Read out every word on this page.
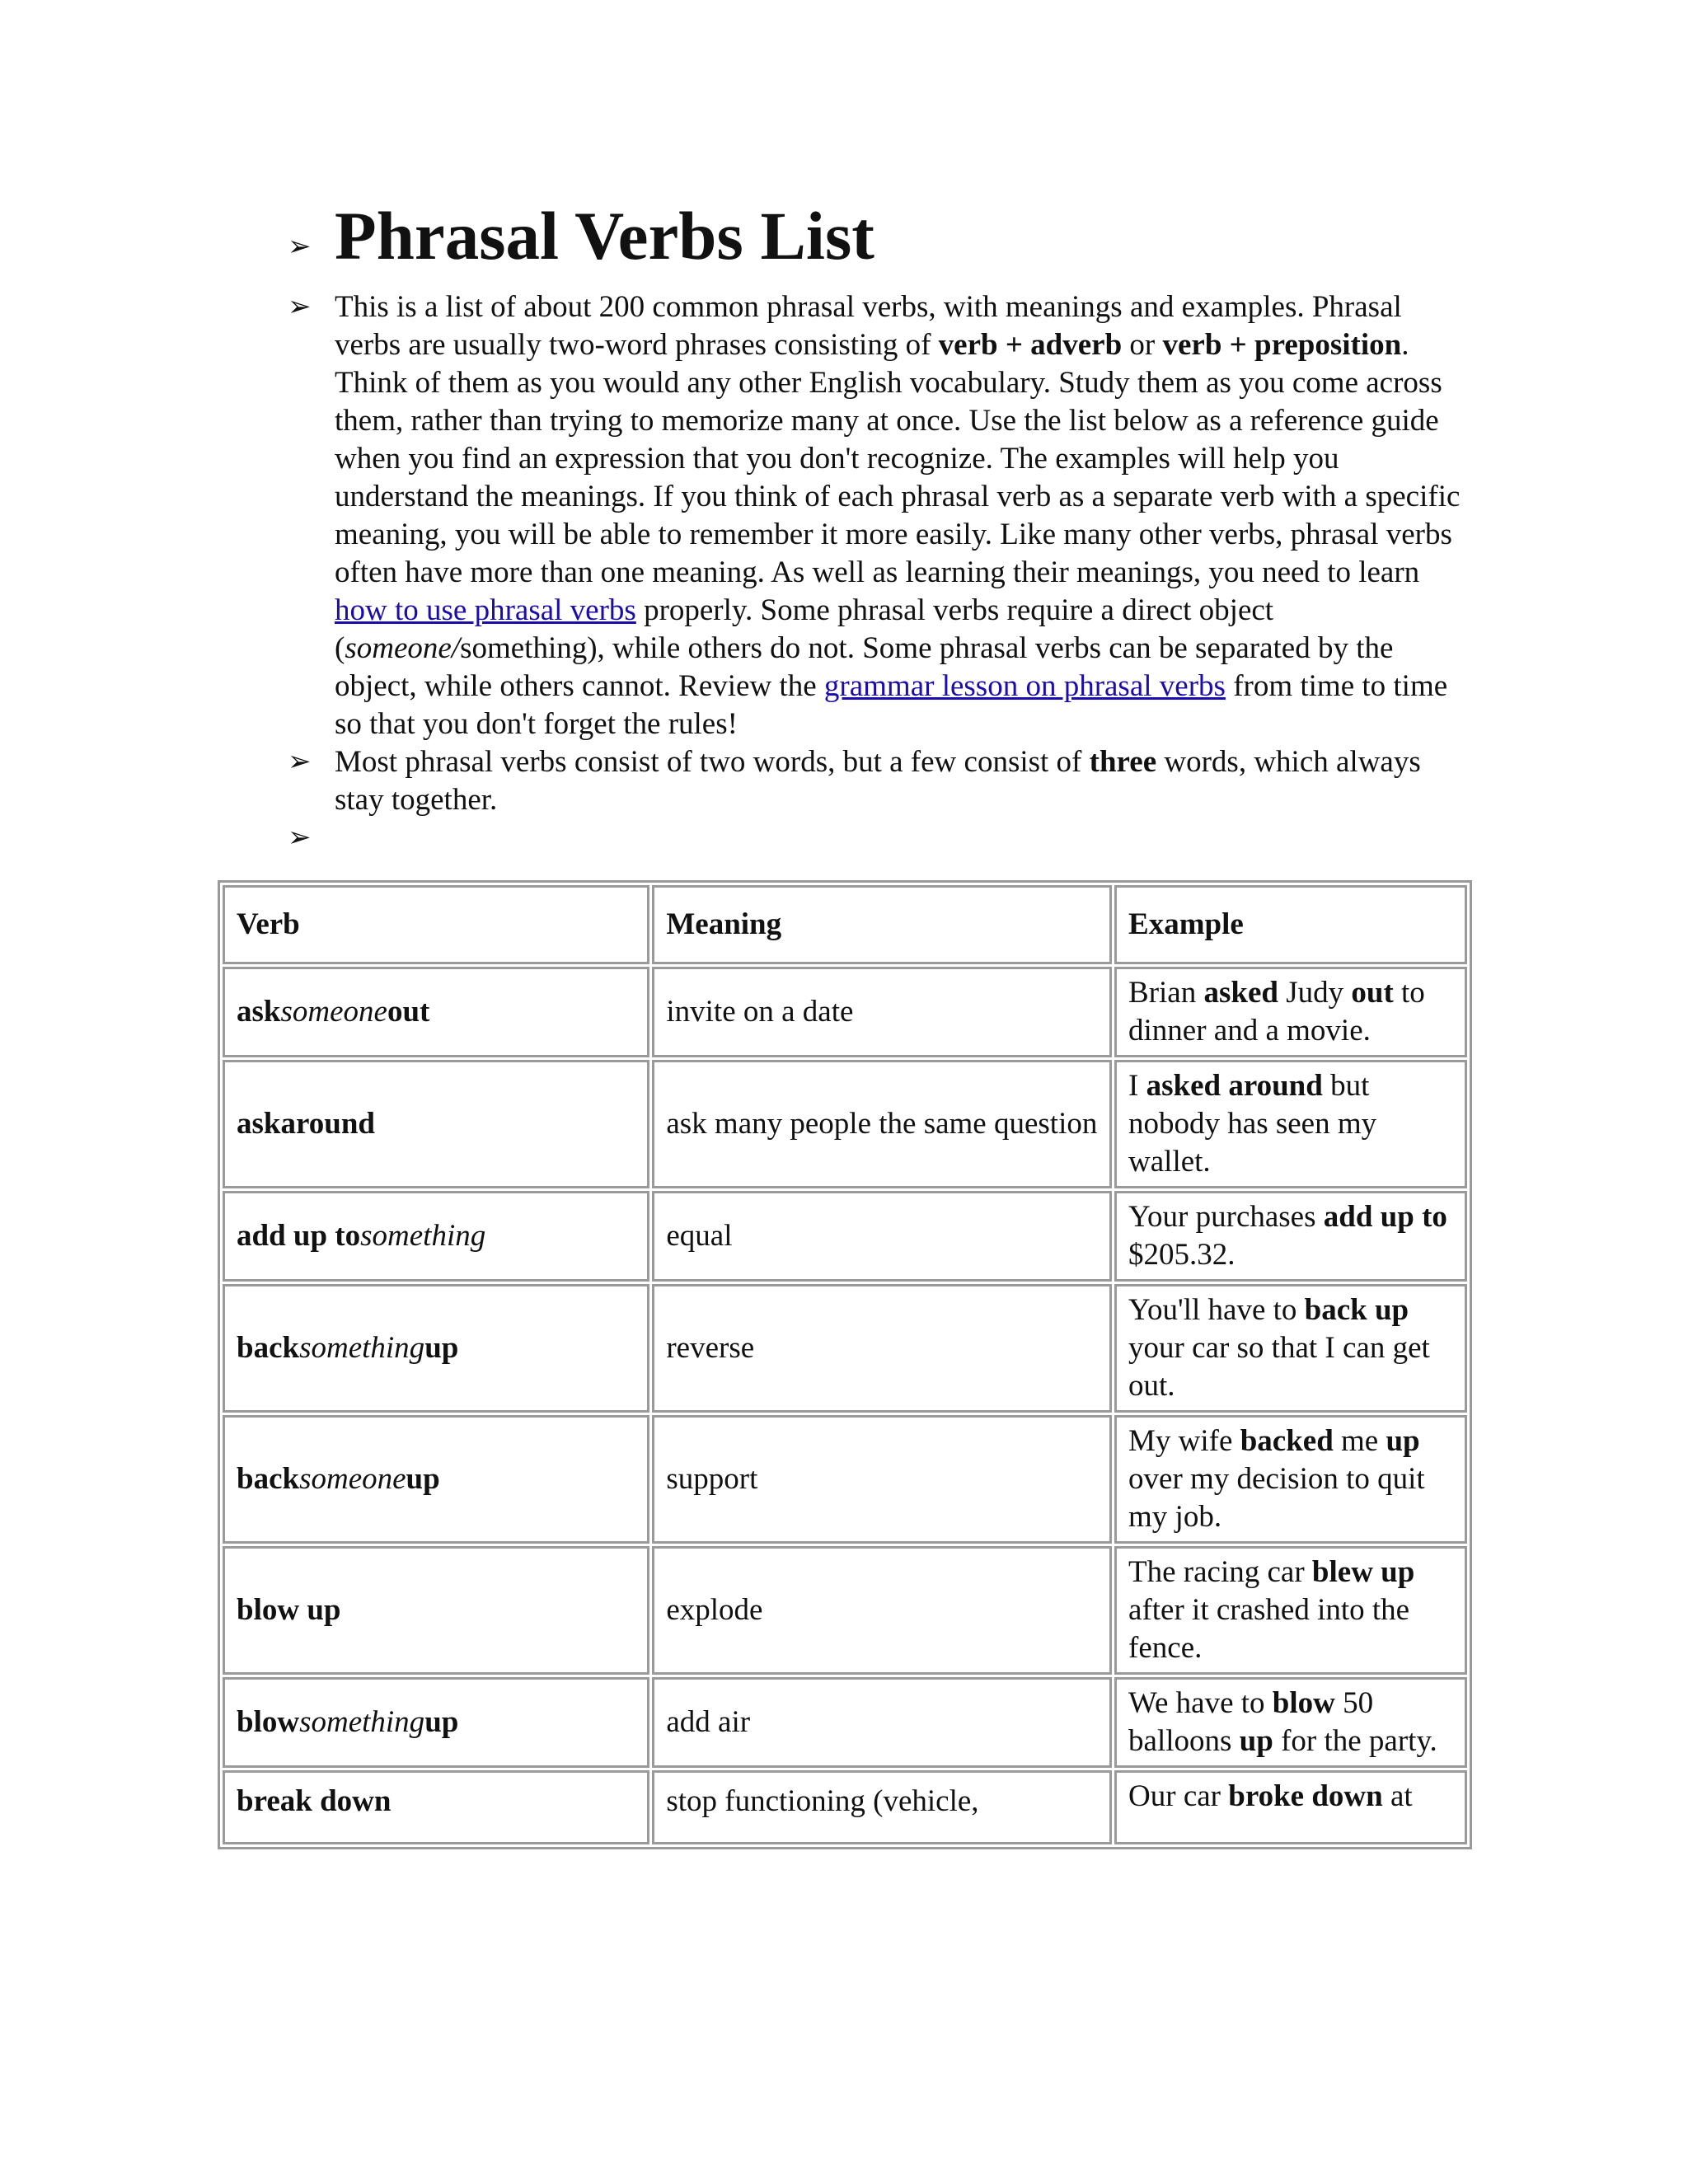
➢ Phrasal Verbs List
➢ This is a list of about 200 common phrasal verbs, with meanings and examples. Phrasal verbs are usually two-word phrases consisting of verb + adverb or verb + preposition. Think of them as you would any other English vocabulary. Study them as you come across them, rather than trying to memorize many at once. Use the list below as a reference guide when you find an expression that you don't recognize. The examples will help you understand the meanings. If you think of each phrasal verb as a separate verb with a specific meaning, you will be able to remember it more easily. Like many other verbs, phrasal verbs often have more than one meaning. As well as learning their meanings, you need to learn how to use phrasal verbs properly. Some phrasal verbs require a direct object (someone/something), while others do not. Some phrasal verbs can be separated by the object, while others cannot. Review the grammar lesson on phrasal verbs from time to time so that you don't forget the rules!
➢ Most phrasal verbs consist of two words, but a few consist of three words, which always stay together.
➢
Verb	Meaning	Example
asksomeoneout	invite on a date	Brian asked Judy out to dinner and a movie.
askaround	ask many people the same question	I asked around but nobody has seen my wallet.
add up tosomething	equal	Your purchases add up to $205.32.
backsomethingup	reverse	You'll have to back up your car so that I can get out.
backsomeoneup	support	My wife backed me up over my decision to quit my job.
blow up	explode	The racing car blew up after it crashed into the fence.
blowsomethingup	add air	We have to blow 50 balloons up for the party.
break down	stop functioning (vehicle,	Our car broke down at
